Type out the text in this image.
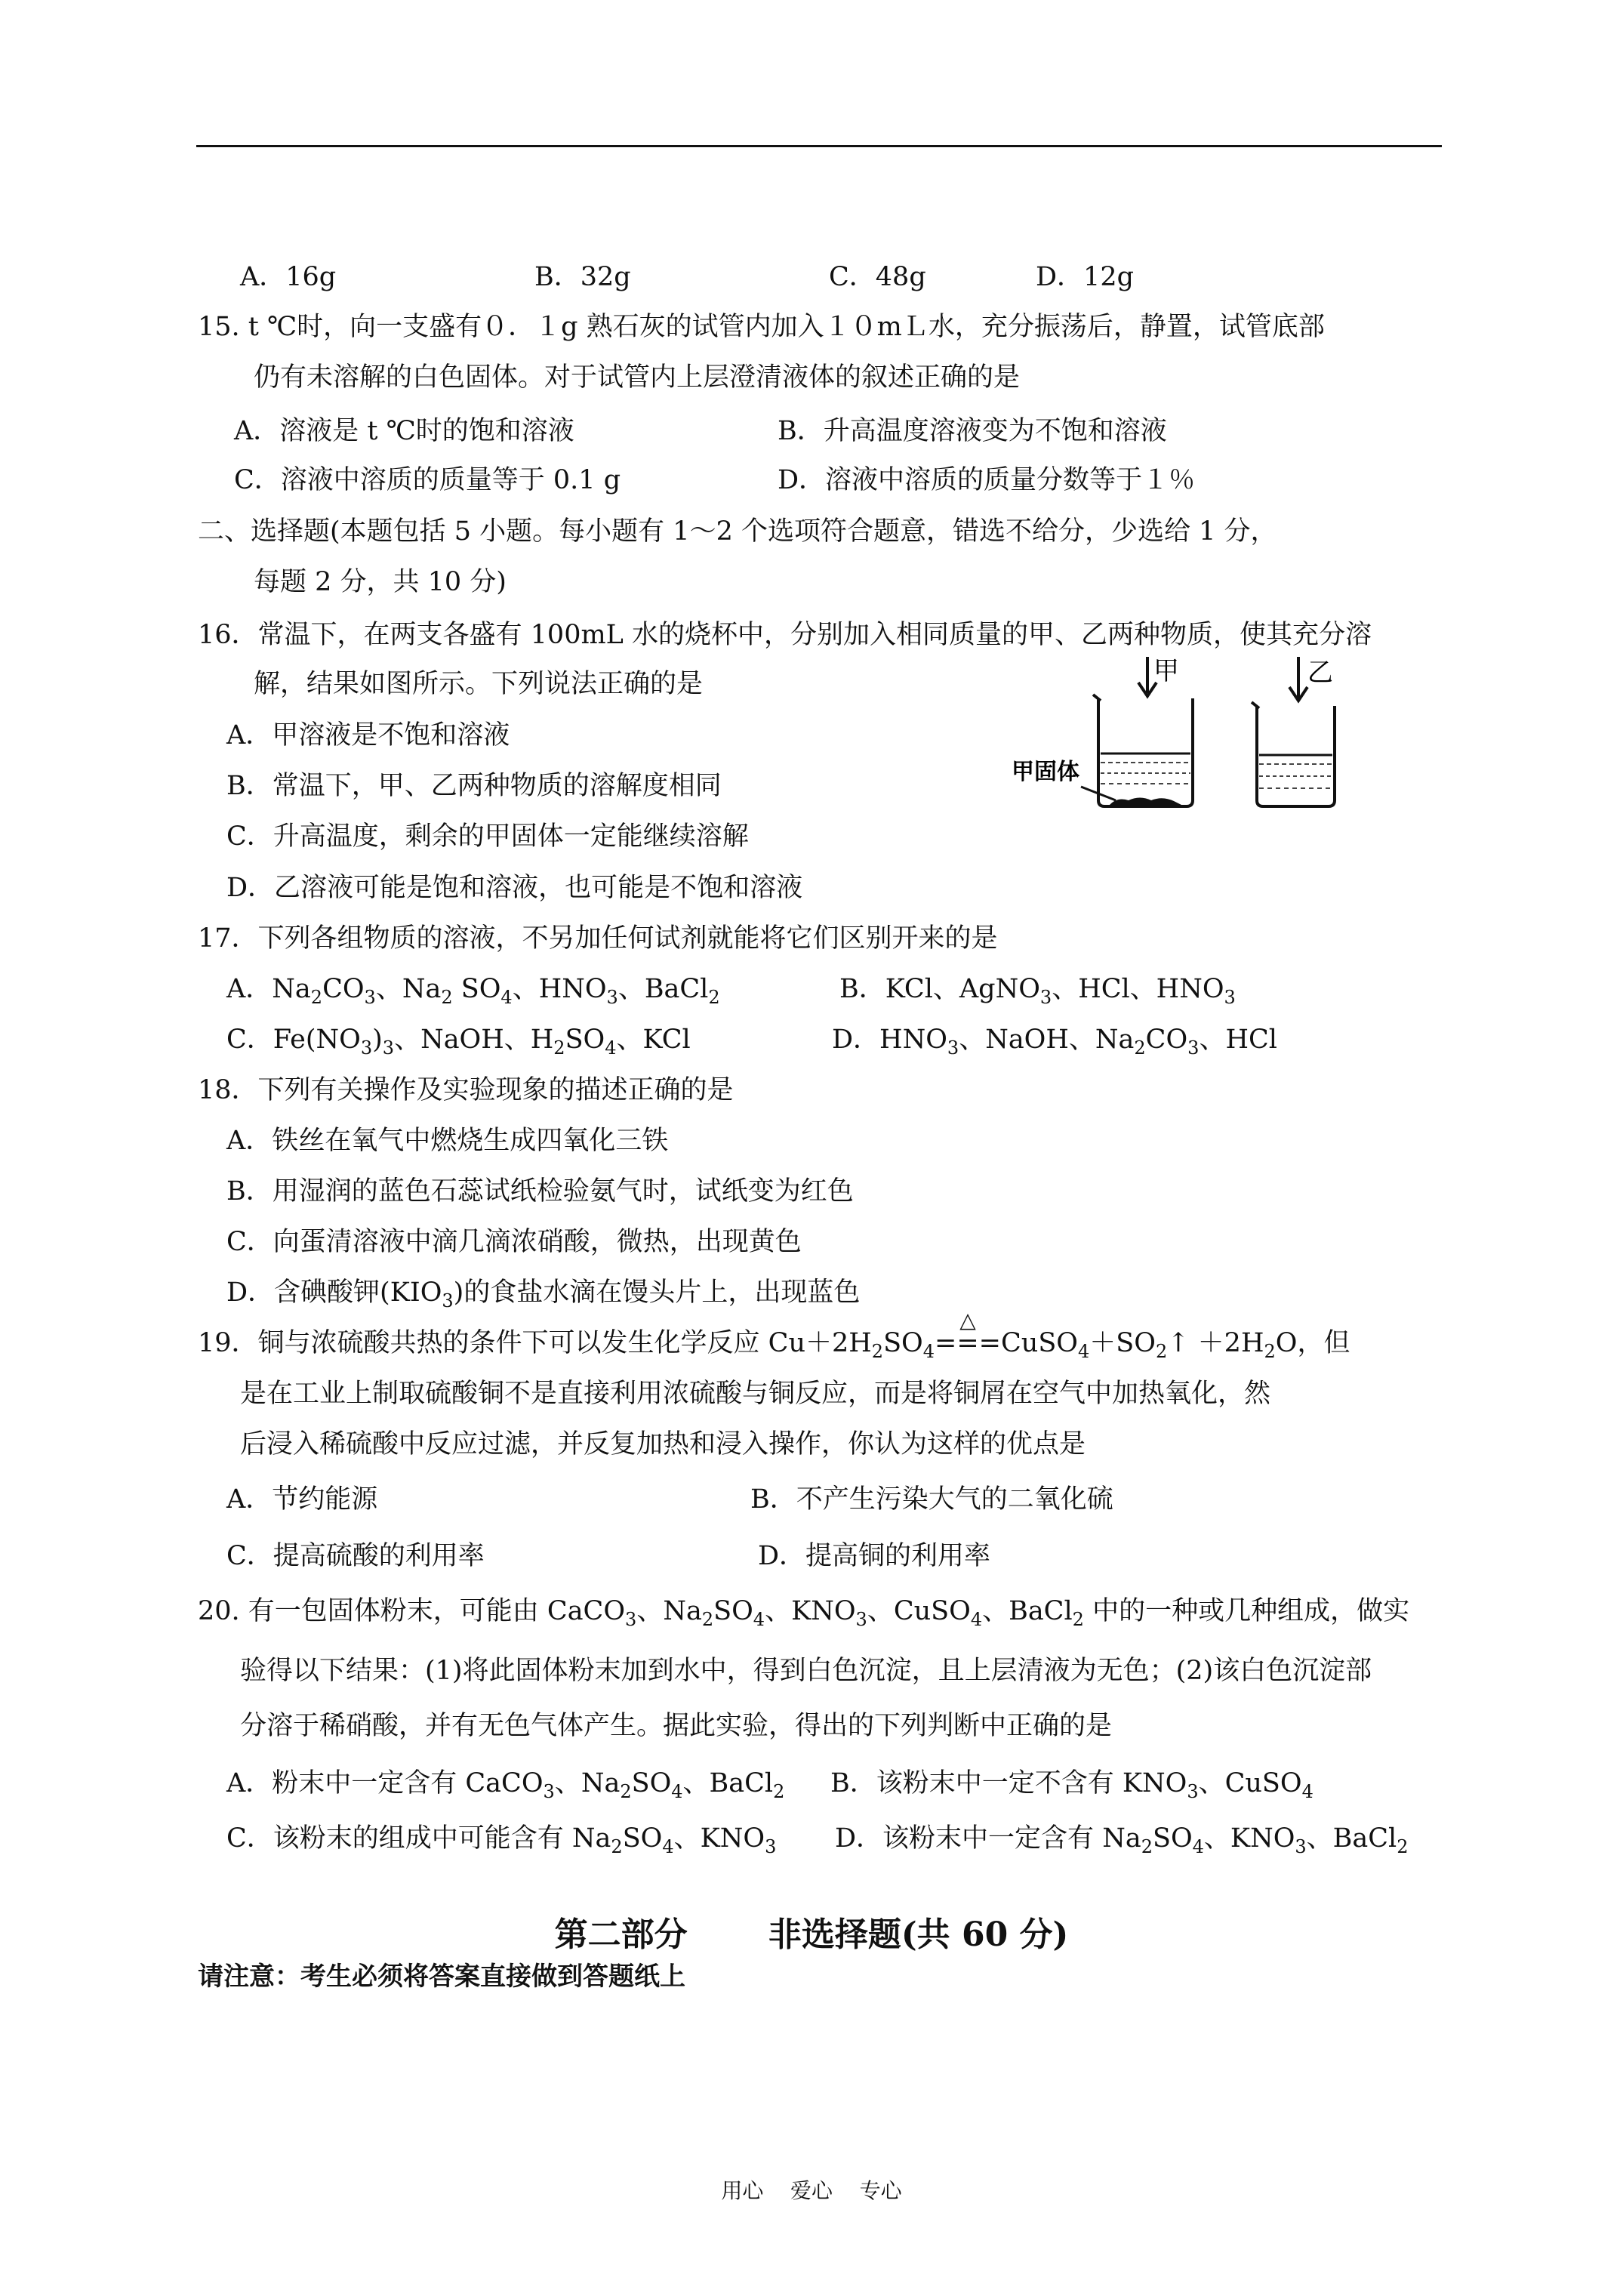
A．16g	B．32g	C．48g	D．12g
15. t ℃时，向一支盛有０．１g 熟石灰的试管内加入１０mＬ水，充分振荡后，静置，试管底部
仍有未溶解的白色固体。对于试管内上层澄清液体的叙述正确的是
A．溶液是 t ℃时的饱和溶液	B．升高温度溶液变为不饱和溶液
C．溶液中溶质的质量等于 0.1 g	D．溶液中溶质的质量分数等于１％
二、选择题(本题包括 5 小题。每小题有 1～2 个选项符合题意，错选不给分，少选给 1 分，
每题 2 分，共 10 分)
16．常温下，在两支各盛有 100mL 水的烧杯中，分别加入相同质量的甲、乙两种物质，使其充分溶
解，结果如图所示。下列说法正确的是
A．甲溶液是不饱和溶液
B．常温下，甲、乙两种物质的溶解度相同
C．升高温度，剩余的甲固体一定能继续溶解
D．乙溶液可能是饱和溶液，也可能是不饱和溶液
甲
甲固体
乙
17．下列各组物质的溶液，不另加任何试剂就能将它们区别开来的是
A．$Na_2CO_3$、$Na_2$ $SO_4$、$HNO_3$、BaCl$_2$	B．KCl、AgNO$_3$、HCl、$HNO_3$
C．$Fe(NO_3)_3$、NaOH、$H_2SO_4$、KCl	D．$HNO_3$、NaOH、$Na_2CO_3$、HCl
18．下列有关操作及实验现象的描述正确的是
A．铁丝在氧气中燃烧生成四氧化三铁
B．用湿润的蓝色石蕊试纸检验氨气时，试纸变为红色
C．向蛋清溶液中滴几滴浓硝酸，微热，出现黄色
D．含碘酸钾$(KIO_3)$的食盐水滴在馒头片上，出现蓝色
19．铜与浓硫酸共热的条件下可以发生化学反应 $Cu+2H_2SO_4$
△
$===CuSO_4+SO_2↑ +2H_2O$，但
是在工业上制取硫酸铜不是直接利用浓硫酸与铜反应，而是将铜屑在空气中加热氧化，然
后浸入稀硫酸中反应过滤，并反复加热和浸入操作，你认为这样的优点是
A．节约能源	B．不产生污染大气的二氧化硫
C．提高硫酸的利用率	D．提高铜的利用率
20. 有一包固体粉末，可能由 CaCO$_3$、$Na_2SO_4$、$KNO_3$、CuSO$_4$、BaCl$_2$ 中的一种或几种组成，做实
验得以下结果：(1)将此固体粉末加到水中，得到白色沉淀，且上层清液为无色；(2)该白色沉淀部
分溶于稀硝酸，并有无色气体产生。据此实验，得出的下列判断中正确的是
A．粉末中一定含有 CaCO$_3$、$Na_2SO_4$、BaCl$_2$ B．该粉末中一定不含有 $KNO_3$、CuSO$_4$
C．该粉末的组成中可能含有 $Na_2SO_4$、$KNO_3$ D．该粉末中一定含有 $Na_2SO_4$、$KNO_3$、BaCl$_2$
第二部分       非选择题(共 60 分)
请注意：考生必须将答案直接做到答题纸上
用心    爱心    专心
